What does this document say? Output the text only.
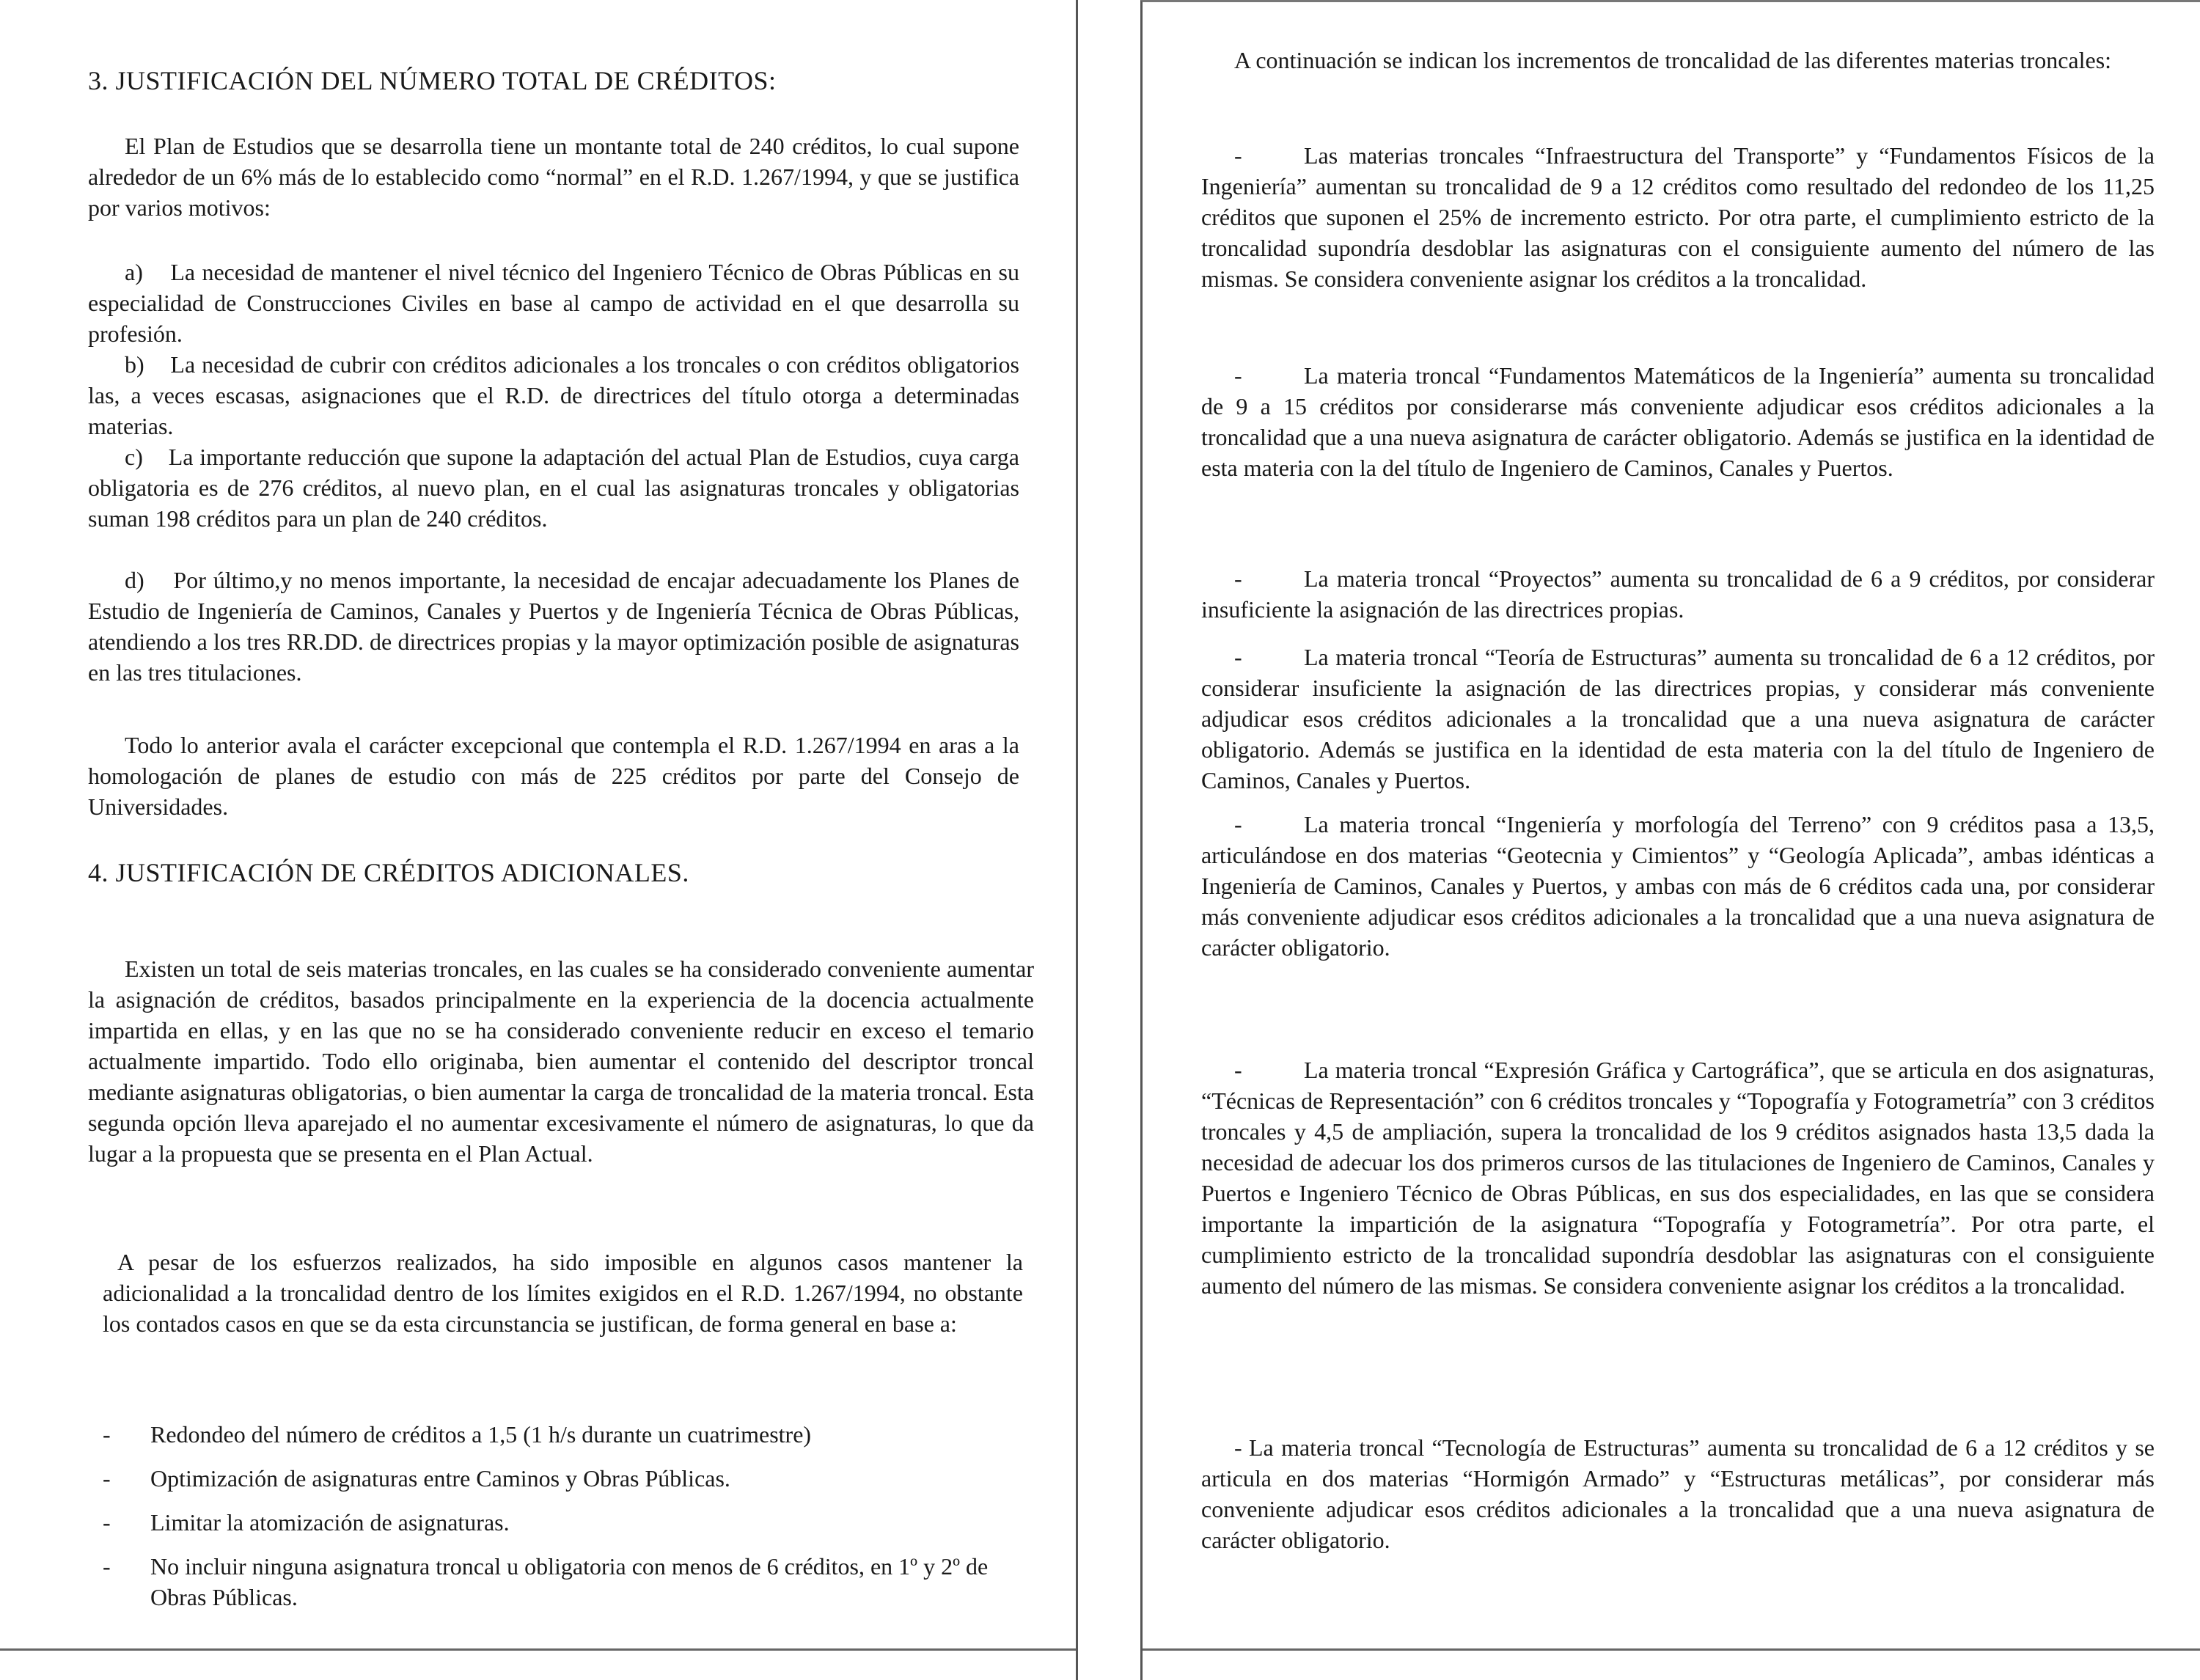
3. JUSTIFICACIÓN DEL NÚMERO TOTAL DE CRÉDITOS:

El Plan de Estudios que se desarrolla tiene un montante total de 240 créditos, lo cual supone alrededor de un 6% más de lo establecido como “normal” en el R.D. 1.267/1994, y que se justifica por varios motivos:

a) La necesidad de mantener el nivel técnico del Ingeniero Técnico de Obras Públicas en su especialidad de Construcciones Civiles en base al campo de actividad en el que desarrolla su profesión.

b) La necesidad de cubrir con créditos adicionales a los troncales o con créditos obligatorios las, a veces escasas, asignaciones que el R.D. de directrices del título otorga a determinadas materias.

c) La importante reducción que supone la adaptación del actual Plan de Estudios, cuya carga obligatoria es de 276 créditos, al nuevo plan, en el cual las asignaturas troncales y obligatorias suman 198 créditos para un plan de 240 créditos.

d) Por último,y no menos importante, la necesidad de encajar adecuadamente los Planes de Estudio de Ingeniería de Caminos, Canales y Puertos y de Ingeniería Técnica de Obras Públicas, atendiendo a los tres RR.DD. de directrices propias y la mayor optimización posible de asignaturas en las tres titulaciones.

Todo lo anterior avala el carácter excepcional que contempla el R.D. 1.267/1994 en aras a la homologación de planes de estudio con más de 225 créditos por parte del Consejo de Universidades.

4. JUSTIFICACIÓN DE CRÉDITOS ADICIONALES.

Existen un total de seis materias troncales, en las cuales se ha considerado conveniente aumentar la asignación de créditos, basados principalmente en la experiencia de la docencia actualmente impartida en ellas, y en las que no se ha considerado conveniente reducir en exceso el temario actualmente impartido. Todo ello originaba, bien aumentar el contenido del descriptor troncal mediante asignaturas obligatorias, o bien aumentar la carga de troncalidad de la materia troncal. Esta segunda opción lleva aparejado el no aumentar excesivamente el número de asignaturas, lo que da lugar a la propuesta que se presenta en el Plan Actual.

A pesar de los esfuerzos realizados, ha sido imposible en algunos casos mantener la adicionalidad a la troncalidad dentro de los límites exigidos en el R.D. 1.267/1994, no obstante los contados casos en que se da esta circunstancia se justifican, de forma general en base a:

- Redondeo del número de créditos a 1,5 (1 h/s durante un cuatrimestre)
- Optimización de asignaturas entre Caminos y Obras Públicas.
- Limitar la atomización de asignaturas.
- No incluir ninguna asignatura troncal u obligatoria con menos de 6 créditos, en 1º y 2º de Obras Públicas.

A continuación se indican los incrementos de troncalidad de las diferentes materias troncales:

-	Las materias troncales “Infraestructura del Transporte” y “Fundamentos Físicos de la Ingeniería” aumentan su troncalidad de 9 a 12 créditos como resultado del redondeo de los 11,25 créditos que suponen el 25% de incremento estricto. Por otra parte, el cumplimiento estricto de la troncalidad supondría desdoblar las asignaturas con el consiguiente aumento del número de las mismas. Se considera conveniente asignar los créditos a la troncalidad.

-	La materia troncal “Fundamentos Matemáticos de la Ingeniería” aumenta su troncalidad de 9 a 15 créditos por considerarse más conveniente adjudicar esos créditos adicionales a la troncalidad que a una nueva asignatura de carácter obligatorio. Además se justifica en la identidad de esta materia con la del título de Ingeniero de Caminos, Canales y Puertos.

-	La materia troncal “Proyectos” aumenta su troncalidad de 6 a 9 créditos, por considerar insuficiente la asignación de las directrices propias.

-	La materia troncal “Teoría de Estructuras” aumenta su troncalidad de 6 a 12 créditos, por considerar insuficiente la asignación de las directrices propias, y considerar más conveniente adjudicar esos créditos adicionales a la troncalidad que a una nueva asignatura de carácter obligatorio. Además se justifica en la identidad de esta materia con la del título de Ingeniero de Caminos, Canales y Puertos.

-	La materia troncal “Ingeniería y morfología del Terreno” con 9 créditos pasa a 13,5, articulándose en dos materias “Geotecnia y Cimientos” y “Geología Aplicada”, ambas idénticas a Ingeniería de Caminos, Canales y Puertos, y ambas con más de 6 créditos cada una, por considerar más conveniente adjudicar esos créditos adicionales a la troncalidad que a una nueva asignatura de carácter obligatorio.

-	La materia troncal “Expresión Gráfica y Cartográfica”, que se articula en dos asignaturas, “Técnicas de Representación” con 6 créditos troncales y “Topografía y Fotogrametría” con 3 créditos troncales y 4,5 de ampliación, supera la troncalidad de los 9 créditos asignados hasta 13,5 dada la necesidad de adecuar los dos primeros cursos de las titulaciones de Ingeniero de Caminos, Canales y Puertos e Ingeniero Técnico de Obras Públicas, en sus dos especialidades, en las que se considera importante la impartición de la asignatura “Topografía y Fotogrametría”. Por otra parte, el cumplimiento estricto de la troncalidad supondría desdoblar las asignaturas con el consiguiente aumento del número de las mismas. Se considera conveniente asignar los créditos a la troncalidad.

- La materia troncal “Tecnología de Estructuras” aumenta su troncalidad de 6 a 12 créditos y se articula en dos materias “Hormigón Armado” y “Estructuras metálicas”, por considerar más conveniente adjudicar esos créditos adicionales a la troncalidad que a una nueva asignatura de carácter obligatorio.
